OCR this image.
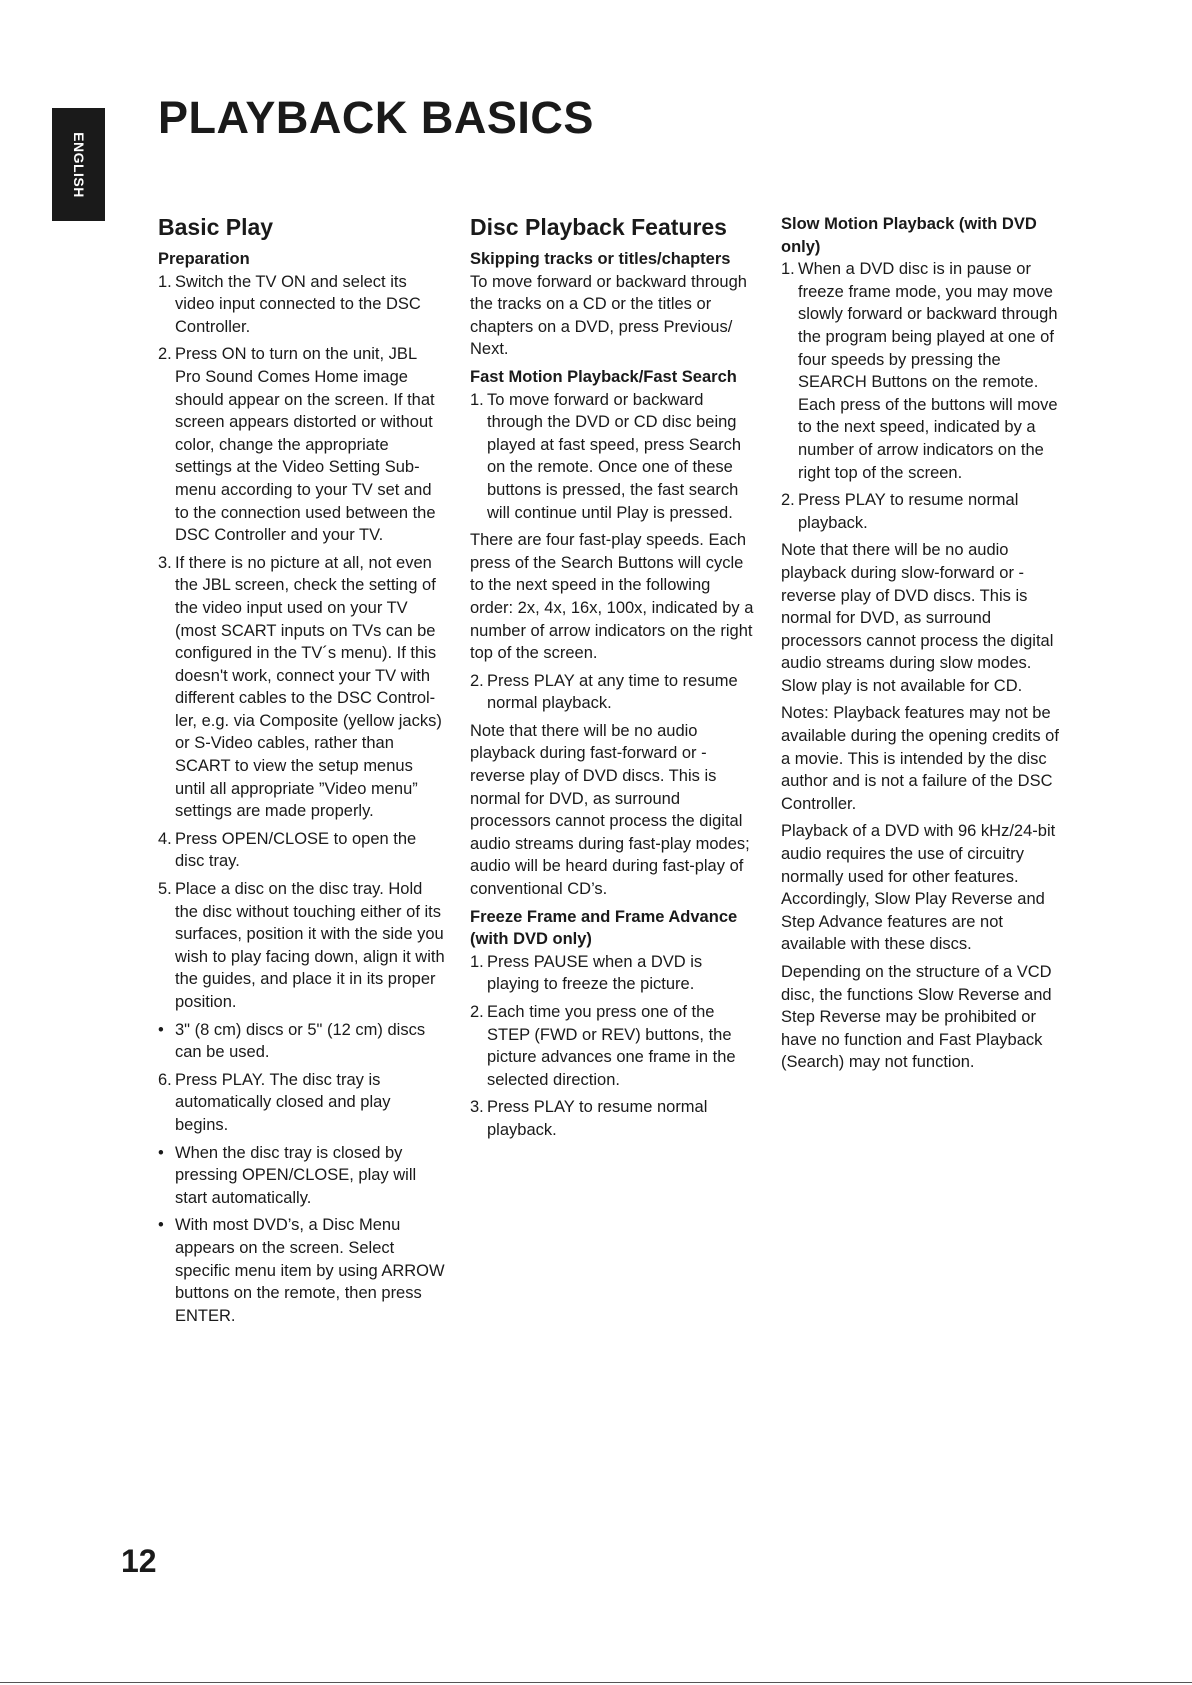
ENGLISH
PLAYBACK BASICS
Basic Play
Preparation
1. Switch the TV ON and select its video input connected to the DSC Controller.
2. Press ON to turn on the unit, JBL Pro Sound Comes Home image should appear on the screen. If that screen appears distorted or without color, change the appropriate settings at the Video Setting Sub-menu according to your TV set and to the connection used between the DSC Controller and your TV.
3. If there is no picture at all, not even the JBL screen, check the setting of the video input used on your TV (most SCART inputs on TVs can be configured in the TV´s menu). If this doesn't work, connect your TV with different cables to the DSC Control-ler, e.g. via Composite (yellow jacks) or S-Video cables, rather than SCART to view the setup menus until all appropriate ”Video menu” settings are made properly.
4. Press OPEN/CLOSE to open the disc tray.
5. Place a disc on the disc tray. Hold the disc without touching either of its surfaces, position it with the side you wish to play facing down, align it with the guides, and place it in its proper position.
• 3" (8 cm) discs or 5" (12 cm) discs can be used.
6. Press PLAY. The disc tray is automatically closed and play begins.
• When the disc tray is closed by pressing OPEN/CLOSE, play will start automatically.
• With most DVD’s, a Disc Menu appears on the screen. Select specific menu item by using ARROW buttons on the remote, then press ENTER.
Disc Playback Features
Skipping tracks or titles/chapters

To move forward or backward through the tracks on a CD or the titles or chapters on a DVD, press Previous/ Next.

Fast Motion Playback/Fast Search
1. To move forward or backward through the DVD or CD disc being played at fast speed, press Search on the remote. Once one of these buttons is pressed, the fast search will continue until Play is pressed.

There are four fast-play speeds. Each press of the Search Buttons will cycle to the next speed in the following order: 2x, 4x, 16x, 100x, indicated by a number of arrow indicators on the right top of the screen.

2. Press PLAY at any time to resume normal playback.

Note that there will be no audio playback during fast-forward or - reverse play of DVD discs. This is normal for DVD, as surround processors cannot process the digital audio streams during fast-play modes; audio will be heard during fast-play of conventional CD’s.

Freeze Frame and Frame Advance (with DVD only)
1. Press PAUSE when a DVD is playing to freeze the picture.
2. Each time you press one of the STEP (FWD or REV) buttons, the picture advances one frame in the selected direction.
3. Press PLAY to resume normal playback.
Slow Motion Playback (with DVD only)
1. When a DVD disc is in pause or freeze frame mode, you may move slowly forward or backward through the program being played at one of four speeds by pressing the SEARCH Buttons on the remote. Each press of the buttons will move to the next speed, indicated by a number of arrow indicators on the right top of the screen.
2. Press PLAY to resume normal playback.

Note that there will be no audio playback during slow-forward or - reverse play of DVD discs. This is normal for DVD, as surround processors cannot process the digital audio streams during slow modes. Slow play is not available for CD.

Notes: Playback features may not be available during the opening credits of a movie. This is intended by the disc author and is not a failure of the DSC Controller.

Playback of a DVD with 96 kHz/24-bit audio requires the use of circuitry normally used for other features. Accordingly, Slow Play Reverse and Step Advance features are not available with these discs.

Depending on the structure of a VCD disc, the functions Slow Reverse and Step Reverse may be prohibited or have no function and Fast Playback (Search) may not function.

12
